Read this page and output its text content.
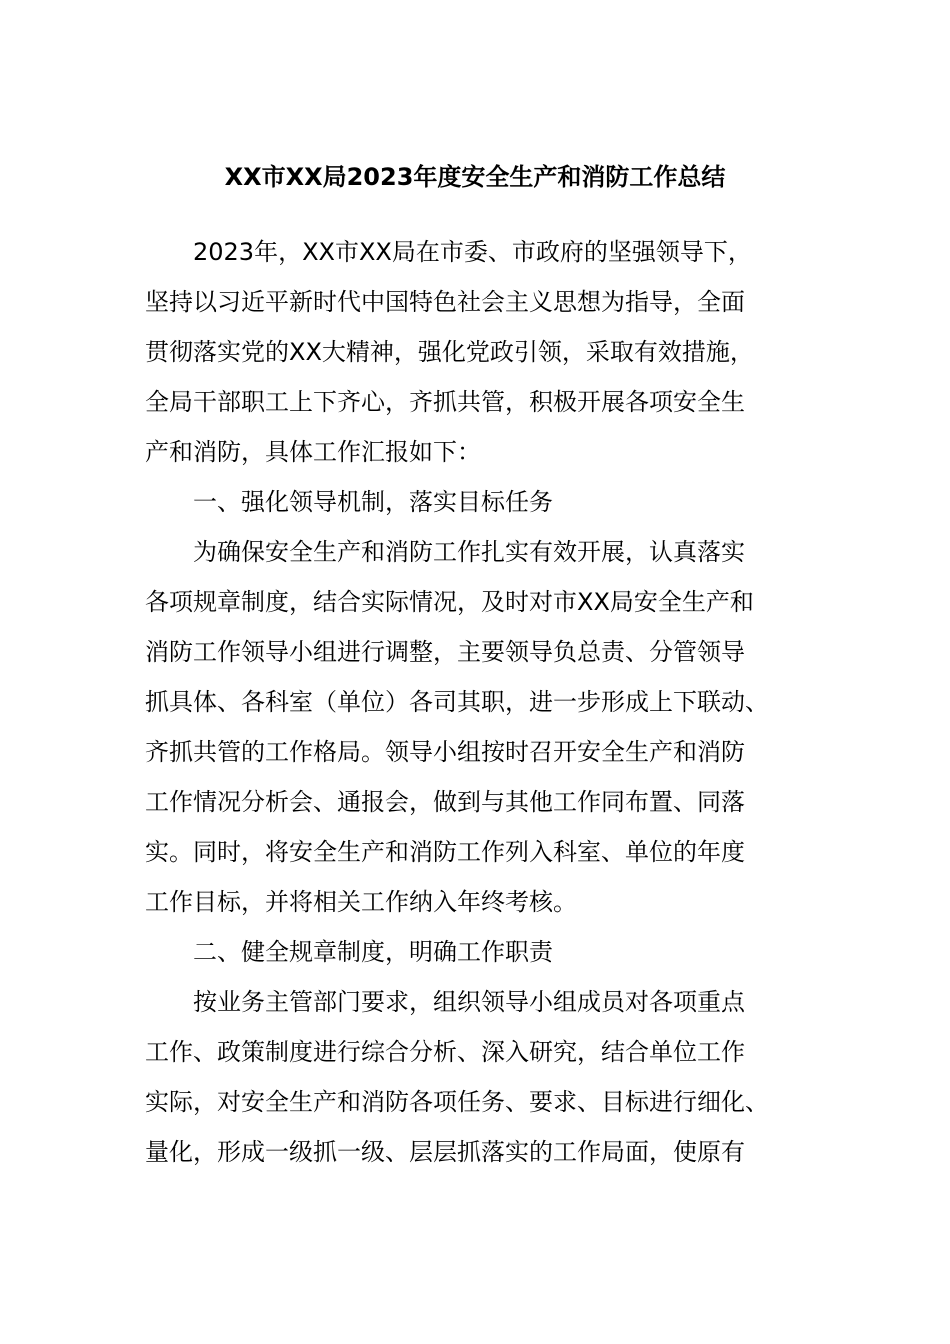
XX市XX局2023年度安全生产和消防工作总结
2023年，XX市XX局在市委、市政府的坚强领导下，
坚持以习近平新时代中国特色社会主义思想为指导，全面
贯彻落实党的XX大精神，强化党政引领，采取有效措施，
全局干部职工上下齐心，齐抓共管，积极开展各项安全生
产和消防，具体工作汇报如下：
一、强化领导机制，落实目标任务
为确保安全生产和消防工作扎实有效开展，认真落实
各项规章制度，结合实际情况，及时对市XX局安全生产和
消防工作领导小组进行调整，主要领导负总责、分管领导
抓具体、各科室（单位）各司其职，进一步形成上下联动、
齐抓共管的工作格局。领导小组按时召开安全生产和消防
工作情况分析会、通报会，做到与其他工作同布置、同落
实。同时，将安全生产和消防工作列入科室、单位的年度
工作目标，并将相关工作纳入年终考核。
二、健全规章制度，明确工作职责
按业务主管部门要求，组织领导小组成员对各项重点
工作、政策制度进行综合分析、深入研究，结合单位工作
实际，对安全生产和消防各项任务、要求、目标进行细化、
量化，形成一级抓一级、层层抓落实的工作局面，使原有
